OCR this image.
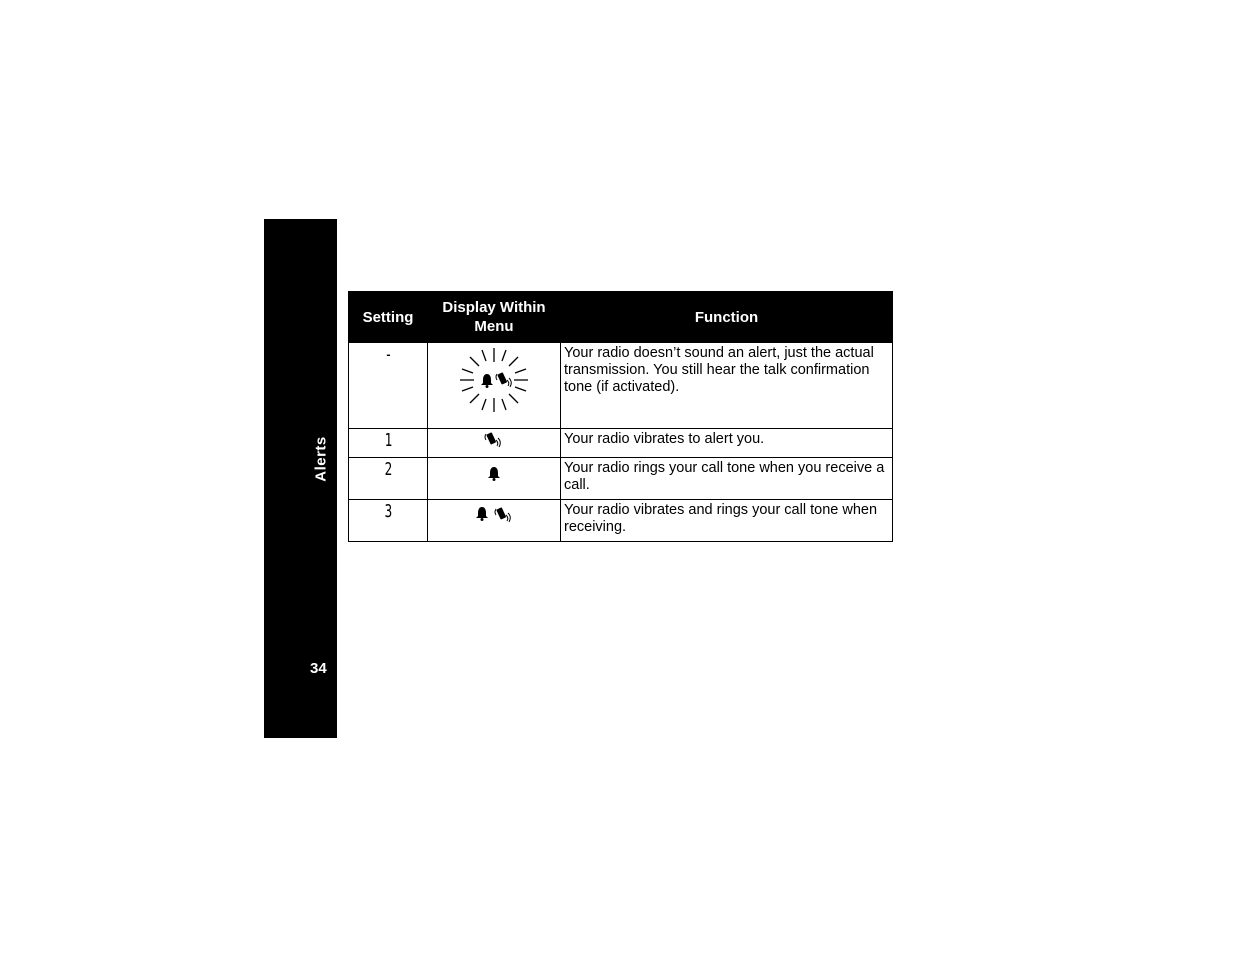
Alerts
34
Setting	Display Within Menu	Function
-		Your radio doesn’t sound an alert, just the actual transmission. You still hear the talk confirmation tone (if activated).
1		Your radio vibrates to alert you.
2		Your radio rings your call tone when you receive a call.
3		Your radio vibrates and rings your call tone when receiving.
